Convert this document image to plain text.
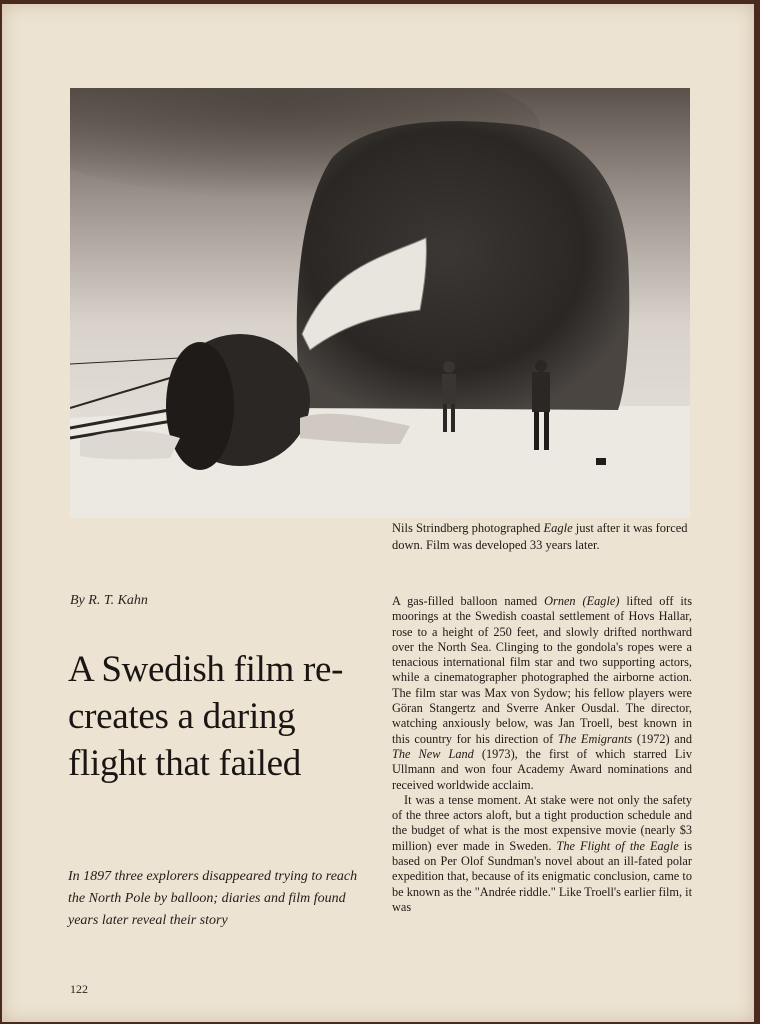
Nils Strindberg photographed Eagle just after it was forced down. Film was developed 33 years later.
By R. T. Kahn
A Swedish film re-creates a daring flight that failed
In 1897 three explorers disappeared trying to reach the North Pole by balloon; diaries and film found years later reveal their story

A gas-filled balloon named Ornen (Eagle) lifted off its moorings at the Swedish coastal settlement of Hovs Hallar, rose to a height of 250 feet, and slowly drifted northward over the North Sea. Clinging to the gondola's ropes were a tenacious international film star and two supporting actors, while a cinematographer photographed the airborne action. The film star was Max von Sydow; his fellow players were Göran Stangertz and Sverre Anker Ousdal. The director, watching anxiously below, was Jan Troell, best known in this country for his direction of The Emigrants (1972) and The New Land (1973), the first of which starred Liv Ullmann and won four Academy Award nominations and received worldwide acclaim.

It was a tense moment. At stake were not only the safety of the three actors aloft, but a tight production schedule and the budget of what is the most expensive movie (nearly $3 million) ever made in Sweden. The Flight of the Eagle is based on Per Olof Sundman's novel about an ill-fated polar expedition that, because of its enigmatic conclusion, came to be known as the "Andrée riddle." Like Troell's earlier film, it was

122
